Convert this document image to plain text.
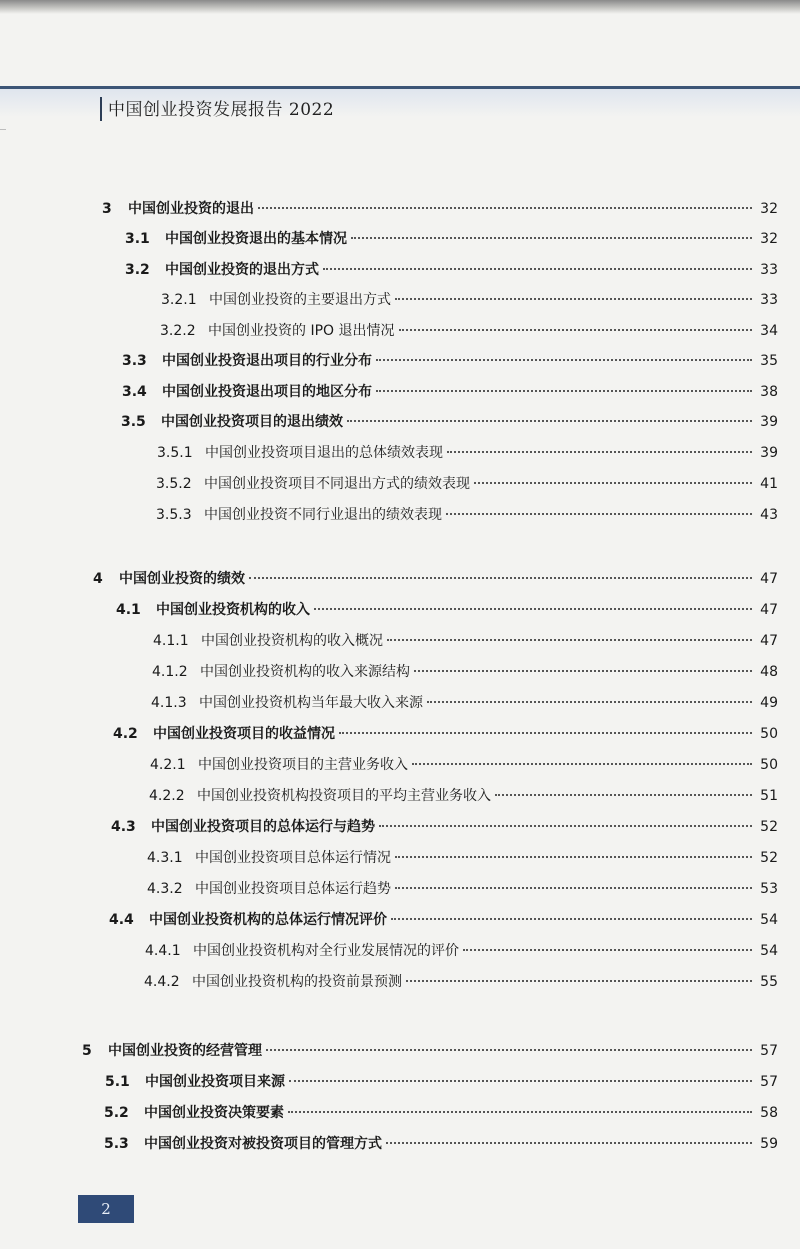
中国创业投资发展报告 2022
3	中国创业投资的退出	32
3.1	中国创业投资退出的基本情况	32
3.2	中国创业投资的退出方式	33
3.2.1 中国创业投资的主要退出方式	33
3.2.2 中国创业投资的 IPO 退出情况	34
3.3	中国创业投资退出项目的行业分布	35
3.4	中国创业投资退出项目的地区分布	38
3.5	中国创业投资项目的退出绩效	39
3.5.1 中国创业投资项目退出的总体绩效表现	39
3.5.2 中国创业投资项目不同退出方式的绩效表现	41
3.5.3 中国创业投资不同行业退出的绩效表现	43
4	中国创业投资的绩效	47
4.1	中国创业投资机构的收入	47
4.1.1 中国创业投资机构的收入概况	47
4.1.2 中国创业投资机构的收入来源结构	48
4.1.3 中国创业投资机构当年最大收入来源	49
4.2	中国创业投资项目的收益情况	50
4.2.1 中国创业投资项目的主营业务收入	50
4.2.2 中国创业投资机构投资项目的平均主营业务收入	51
4.3	中国创业投资项目的总体运行与趋势	52
4.3.1 中国创业投资项目总体运行情况	52
4.3.2 中国创业投资项目总体运行趋势	53
4.4	中国创业投资机构的总体运行情况评价	54
4.4.1 中国创业投资机构对全行业发展情况的评价	54
4.4.2 中国创业投资机构的投资前景预测	55
5	中国创业投资的经营管理	57
5.1	中国创业投资项目来源	57
5.2	中国创业投资决策要素	58
5.3	中国创业投资对被投资项目的管理方式	59
2
